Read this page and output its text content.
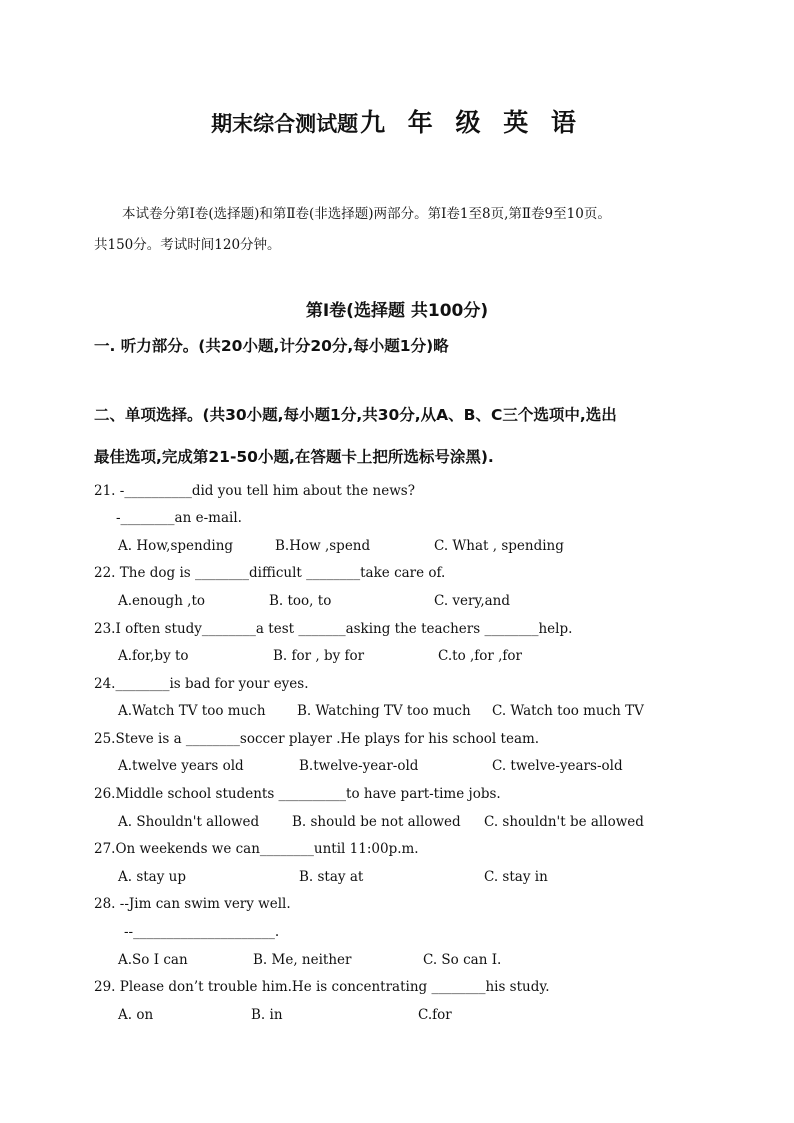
期末综合测试题九 年 级 英 语
本试卷分第Ⅰ卷(选择题)和第Ⅱ卷(非选择题)两部分。第Ⅰ卷1至8页,第Ⅱ卷9至10页。
共150分。考试时间120分钟。
第Ⅰ卷(选择题 共100分)
一. 听力部分。(共20小题,计分20分,每小题1分)略
二、单项选择。(共30小题,每小题1分,共30分,从A、B、C三个选项中,选出
最佳选项,完成第21-50小题,在答题卡上把所选标号涂黑).
21. -__________did you tell him about the news?
-________an e-mail.
A. How,spending	B.How ,spend	C. What , spending
22. The dog is ________difficult ________take care of.
A.enough ,to	B. too, to	C. very,and
23.I often study________a test _______asking the teachers ________help.
A.for,by to	B. for , by for	C.to ,for ,for
24.________is bad for your eyes.
A.Watch TV too much B. Watching TV too much C. Watch too much TV
25.Steve is a ________soccer player .He plays for his school team.
A.twelve years old	B.twelve-year-old	C. twelve-years-old
26.Middle school students __________to have part-time jobs.
A. Shouldn't allowed B. should be not allowed C. shouldn't be allowed
27.On weekends we can________until 11:00p.m.
A. stay up	B. stay at	C. stay in
28. --Jim can swim very well.
--_____________________.
A.So I can	B. Me, neither	C. So can I.
29. Please don’t trouble him.He is concentrating ________his study.
A. on	B. in	C.for
